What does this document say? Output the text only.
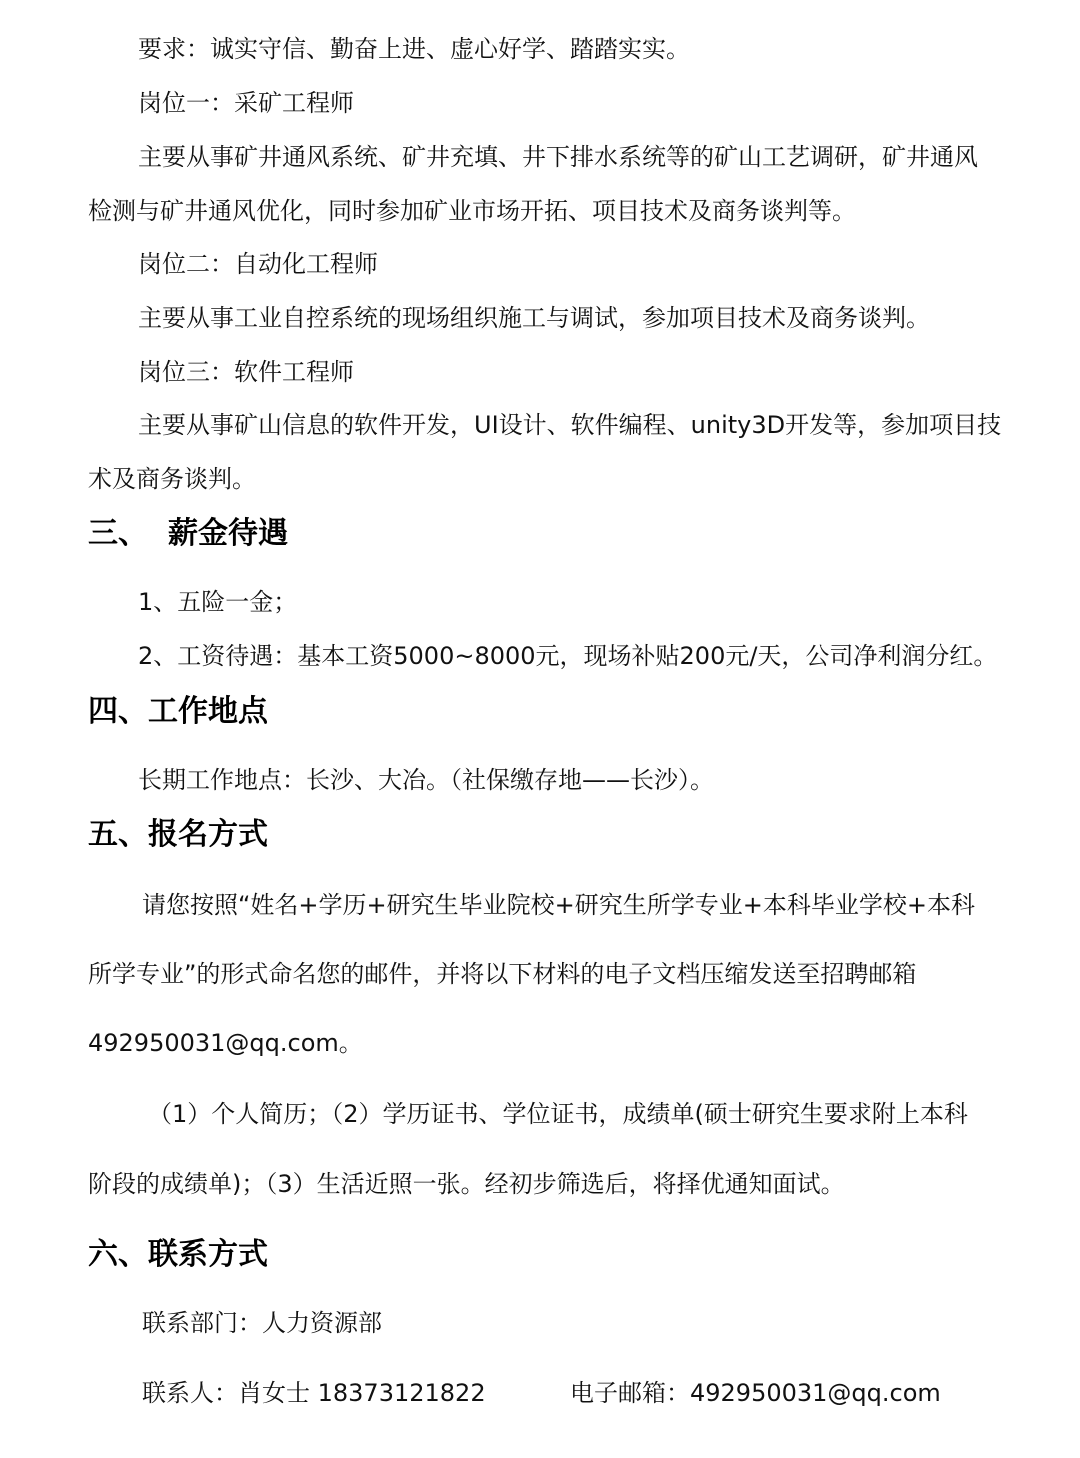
要求：诚实守信、勤奋上进、虚心好学、踏踏实实。
岗位一：采矿工程师
主要从事矿井通风系统、矿井充填、井下排水系统等的矿山工艺调研，矿井通风
检测与矿井通风优化，同时参加矿业市场开拓、项目技术及商务谈判等。
岗位二：自动化工程师
主要从事工业自控系统的现场组织施工与调试，参加项目技术及商务谈判。
岗位三：软件工程师
主要从事矿山信息的软件开发，UI设计、软件编程、unity3D开发等，参加项目技
术及商务谈判。
三、 薪金待遇
1、五险一金；
2、工资待遇：基本工资5000~8000元，现场补贴200元/天，公司净利润分红。
四、工作地点
长期工作地点：长沙、大冶。（社保缴存地——长沙）。
五、报名方式
请您按照“姓名+学历+研究生毕业院校+研究生所学专业+本科毕业学校+本科
所学专业”的形式命名您的邮件，并将以下材料的电子文档压缩发送至招聘邮箱
492950031@qq.com。
（1）个人简历；（2）学历证书、学位证书，成绩单(硕士研究生要求附上本科
阶段的成绩单)；（3）生活近照一张。经初步筛选后，将择优通知面试。
六、联系方式
联系部门：人力资源部
联系人：肖女士 18373121822	电子邮箱：492950031@qq.com
